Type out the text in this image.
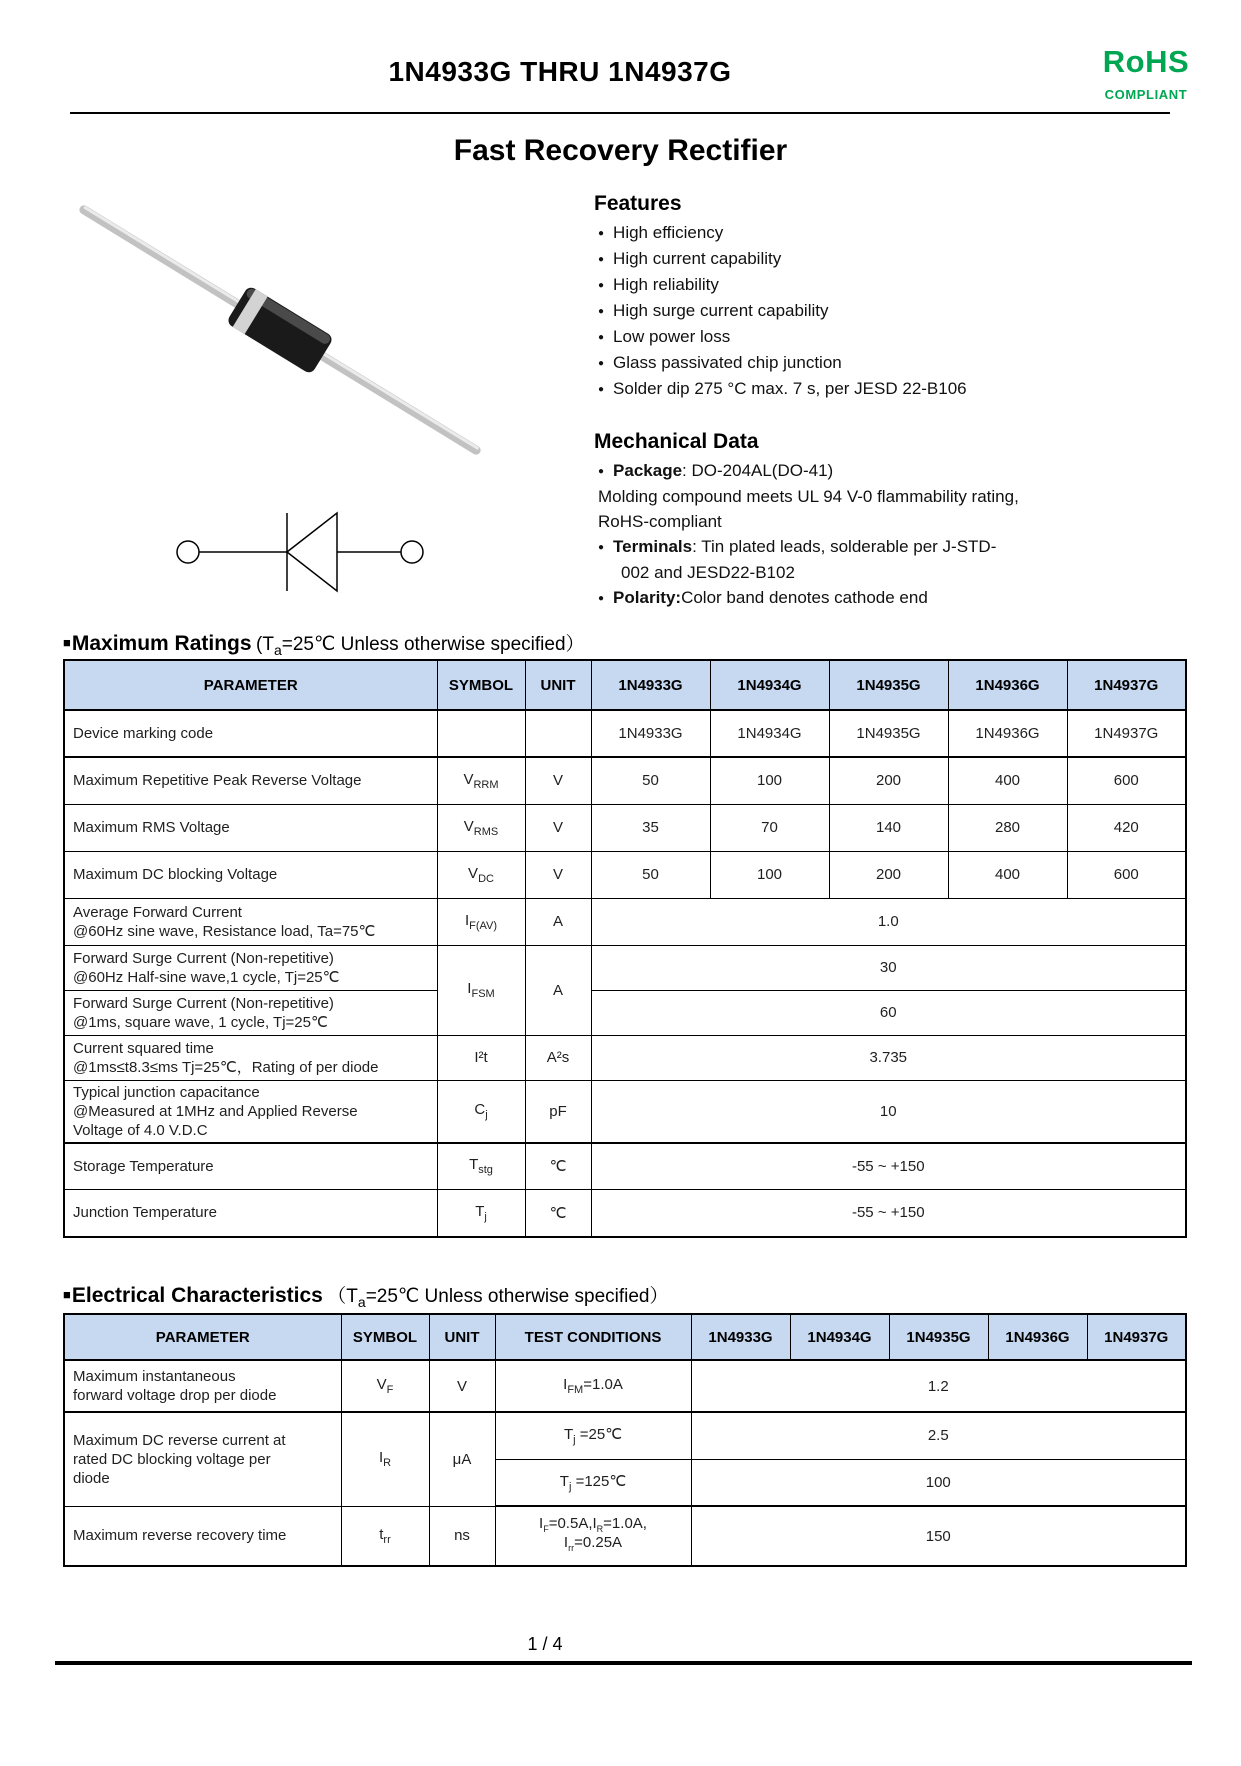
1N4933G THRU 1N4937G	RoHS
COMPLIANT
Fast Recovery Rectifier
Features
● High efficiency
● High current capability
● High reliability
● High surge current capability
● Low power loss
● Glass passivated chip junction
● Solder dip 275 °C max. 7 s, per JESD 22-B106
Mechanical Data
● Package: DO-204AL(DO-41)
Molding compound meets UL 94 V-0 flammability rating,
RoHS-compliant
● Terminals: Tin plated leads, solderable per J-STD-
002 and JESD22-B102
● Polarity:Color band denotes cathode end
■Maximum Ratings ($T_a=25℃$ Unless otherwise specified）
PARAMETER	SYMBOL	UNIT	1N4933G	1N4934G	1N4935G	1N4936G	1N4937G
Device marking code			1N4933G	1N4934G	1N4935G	1N4936G	1N4937G
Maximum Repetitive Peak Reverse Voltage	$V_{RRM}$	V	50	100	200	400	600
Maximum RMS Voltage	$V_{RMS}$	V	35	70	140	280	420
Maximum DC blocking Voltage	$V_{DC}$	V	50	100	200	400	600

Average Forward Current
@60Hz sine wave, Resistance load, Ta=75℃	$I_{F(AV)}$	A	1.0				

Forward Surge Current (Non-repetitive)
@60Hz Half-sine wave,1 cycle, Tj=25℃	$I_{FSM}$	A	30				

Forward Surge Current (Non-repetitive)
@1ms, square wave, 1 cycle, Tj=25℃			60				

Current squared time
@1ms≤t8.3≤ms Tj=25℃，Rating of per diode	I²t	A²s	3.735				

Typical junction capacitance
@Measured at 1MHz and Applied Reverse
Voltage of 4.0 V.D.C	$C_j$	pF	10				
Storage Temperature	$T_{stg}$	℃	-55 ~ +150				
Junction Temperature	$T_j$	℃	-55 ~ +150				
■Electrical Characteristics （$T_a=25℃$ Unless otherwise specified）
PARAMETER	SYMBOL	UNIT	TEST CONDITIONS	1N4933G	1N4934G	1N4935G	1N4936G	1N4937G

Maximum instantaneous
forward voltage drop per diode	$V_F$	V	$I_{FM}=1.0A$	1.2				

Maximum DC reverse current at
rated DC blocking voltage per
diode	$I_R$	μA	$T_j$ =25℃	2.5				
			$T_j$ =125℃	100				
Maximum reverse recovery time	$t_{rr}$	ns	$I_F=0.5A,I_R=1.0A$,
$I_{rr}=0.25A$	150				
1 / 4
